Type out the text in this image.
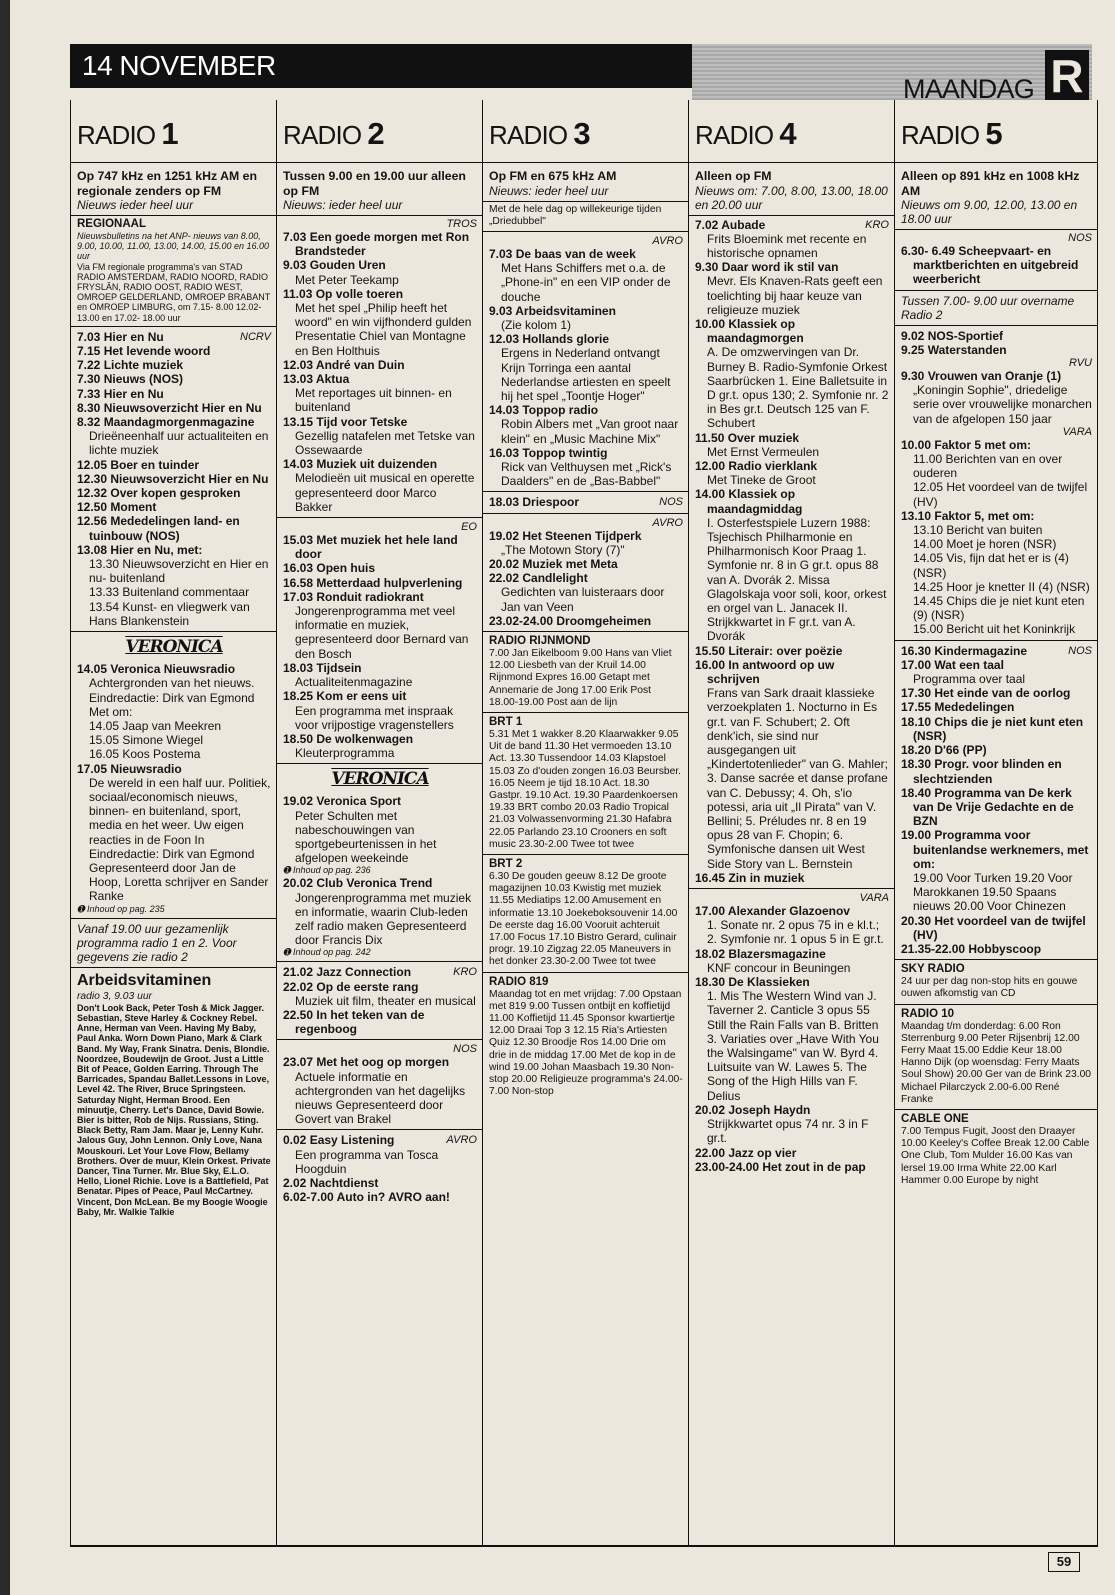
14 NOVEMBER
MAANDAG R
RADIO 1
Op 747 kHz en 1251 kHz AM en regionale zenders op FM
Nieuws ieder heel uur
REGIONAAL
Nieuwsbulletins na het ANP- nieuws van 8.00, 9.00, 10.00, 11.00, 13.00, 14.00, 15.00 en 16.00 uur
Via FM regionale programma's van STAD RADIO AMSTERDAM, RADIO NOORD, RADIO FRYSLÂN, RADIO OOST, RADIO WEST, OMROEP GELDERLAND, OMROEP BRABANT en OMROEP LIMBURG, om 7.15- 8.00 12.02- 13.00 en 17.02- 18.00 uur
NCRV
7.03 Hier en Nu
7.15 Het levende woord
7.22 Lichte muziek
7.30 Nieuws (NOS)
7.33 Hier en Nu
8.30 Nieuwsoverzicht Hier en Nu
8.32 Maandagmorgenmagazine
Drieëneenhalf uur actualiteiten en lichte muziek
12.05 Boer en tuinder
12.30 Nieuwsoverzicht Hier en Nu
12.32 Over kopen gesproken
12.50 Moment
12.56 Mededelingen land- en tuinbouw (NOS)
13.08 Hier en Nu, met:
13.30 Nieuwsoverzicht en Hier en nu- buitenland
13.33 Buitenland commentaar
13.54 Kunst- en vliegwerk van Hans Blankenstein
VERONICA
14.05 Veronica Nieuwsradio
Achtergronden van het nieuws. Eindredactie: Dirk van Egmond
Met om:
14.05 Jaap van Meekren
15.05 Simone Wiegel
16.05 Koos Postema
17.05 Nieuwsradio
De wereld in een half uur. Politiek, sociaal/economisch nieuws, binnen- en buitenland, sport, media en het weer. Uw eigen reacties in de Foon In Eindredactie: Dirk van Egmond
Gepresenteerd door Jan de Hoop, Loretta schrijver en Sander Ranke
➊ Inhoud op pag. 235
Vanaf 19.00 uur gezamenlijk programma radio 1 en 2. Voor gegevens zie radio 2
Arbeidsvitaminen
radio 3, 9.03 uur
Don't Look Back, Peter Tosh & Mick Jagger. Sebastian, Steve Harley & Cockney Rebel. Anne, Herman van Veen. Having My Baby, Paul Anka. Worn Down Piano, Mark & Clark Band. My Way, Frank Sinatra. Denis, Blondie. Noordzee, Boudewijn de Groot. Just a Little Bit of Peace, Golden Earring. Through The Barricades, Spandau Ballet.Lessons in Love, Level 42. The River, Bruce Springsteen. Saturday Night, Herman Brood. Een minuutje, Cherry. Let's Dance, David Bowie. Bier is bitter, Rob de Nijs. Russians, Sting. Black Betty, Ram Jam. Maar je, Lenny Kuhr. Jalous Guy, John Lennon. Only Love, Nana Mouskouri. Let Your Love Flow, Bellamy Brothers. Over de muur, Klein Orkest. Private Dancer, Tina Turner. Mr. Blue Sky, E.L.O. Hello, Lionel Richie. Love is a Battlefield, Pat Benatar. Pipes of Peace, Paul McCartney. Vincent, Don McLean. Be my Boogie Woogie Baby, Mr. Walkie Talkie
RADIO 2
Tussen 9.00 en 19.00 uur alleen op FM
Nieuws: ieder heel uur
TROS
7.03 Een goede morgen met Ron Brandsteder
9.03 Gouden Uren
Met Peter Teekamp
11.03 Op volle toeren
Met het spel „Philip heeft het woord" en win vijfhonderd gulden Presentatie Chiel van Montagne en Ben Holthuis
12.03 André van Duin
13.03 Aktua
Met reportages uit binnen- en buitenland
13.15 Tijd voor Tetske
Gezellig natafelen met Tetske van Ossewaarde
14.03 Muziek uit duizenden
Melodieën uit musical en operette gepresenteerd door Marco Bakker
EO
15.03 Met muziek het hele land door
16.03 Open huis
16.58 Metterdaad hulpverlening
17.03 Ronduit radiokrant
Jongerenprogramma met veel informatie en muziek, gepresenteerd door Bernard van den Bosch
18.03 Tijdsein
Actualiteitenmagazine
18.25 Kom er eens uit
Een programma met inspraak voor vrijpostige vragenstellers
18.50 De wolkenwagen
Kleuterprogramma
VERONICA
19.02 Veronica Sport
Peter Schulten met nabeschouwingen van sportgebeurtenissen in het afgelopen weekeinde
➊ Inhoud op pag. 236
20.02 Club Veronica Trend
Jongerenprogramma met muziek en informatie, waarin Club-leden zelf radio maken Gepresenteerd door Francis Dix
➊ Inhoud op pag. 242
KRO
21.02 Jazz Connection
22.02 Op de eerste rang
Muziek uit film, theater en musical
22.50 In het teken van de regenboog
NOS
23.07 Met het oog op morgen
Actuele informatie en achtergronden van het dagelijks nieuws Gepresenteerd door Govert van Brakel
AVRO
0.02 Easy Listening
Een programma van Tosca Hoogduin
2.02 Nachtdienst
6.02-7.00 Auto in? AVRO aan!
RADIO 3
Op FM en 675 kHz AM
Nieuws: ieder heel uur
Met de hele dag op willekeurige tijden „Driedubbel"
AVRO
7.03 De baas van de week
Met Hans Schiffers met o.a. de „Phone-in" en een VIP onder de douche
9.03 Arbeidsvitaminen
(Zie kolom 1)
12.03 Hollands glorie
Ergens in Nederland ontvangt Krijn Torringa een aantal Nederlandse artiesten en speelt hij het spel „Toontje Hoger"
14.03 Toppop radio
Robin Albers met „Van groot naar klein" en „Music Machine Mix"
16.03 Toppop twintig
Rick van Velthuysen met „Rick's Daalders" en de „Bas-Babbel"
18.03 Driespoor	NOS
AVRO
19.02 Het Steenen Tijdperk
„The Motown Story (7)"
20.02 Muziek met Meta
22.02 Candlelight
Gedichten van luisteraars door Jan van Veen
23.02-24.00 Droomgeheimen
RADIO RIJNMOND
7.00 Jan Eikelboom 9.00 Hans van Vliet 12.00 Liesbeth van der Kruil 14.00 Rijnmond Expres 16.00 Getapt met Annemarie de Jong 17.00 Erik Post 18.00-19.00 Post aan de lijn
BRT 1
5.31 Met 1 wakker 8.20 Klaarwakker 9.05 Uit de band 11.30 Het vermoeden 13.10 Act. 13.30 Tussendoor 14.03 Klapstoel 15.03 Zo d'ouden zongen 16.03 Beursber. 16.05 Neem je tijd 18.10 Act. 18.30 Gastpr. 19.10 Act. 19.30 Paardenkoersen 19.33 BRT combo 20.03 Radio Tropical 21.03 Volwassenvorming 21.30 Hafabra 22.05 Parlando 23.10 Crooners en soft music 23.30-2.00 Twee tot twee
BRT 2
6.30 De gouden geeuw 8.12 De groote magazijnen 10.03 Kwistig met muziek 11.55 Mediatips 12.00 Amusement en informatie 13.10 Joekeboksouvenir 14.00 De eerste dag 16.00 Vooruit achteruit 17.00 Focus 17.10 Bistro Gerard, culinair progr. 19.10 Zigzag 22.05 Maneuvers in het donker 23.30-2.00 Twee tot twee
RADIO 819
Maandag tot en met vrijdag: 7.00 Opstaan met 819 9.00 Tussen ontbijt en koffietijd 11.00 Koffietijd 11.45 Sponsor kwartiertje 12.00 Draai Top 3 12.15 Ria's Artiesten Quiz 12.30 Broodje Ros 14.00 Drie om drie in de middag 17.00 Met de kop in de wind 19.00 Johan Maasbach 19.30 Non-stop 20.00 Religieuze programma's 24.00-7.00 Non-stop
RADIO 4
Alleen op FM
Nieuws om: 7.00, 8.00, 13.00, 18.00 en 20.00 uur
KRO
7.02 Aubade
Frits Bloemink met recente en historische opnamen
9.30 Daar word ik stil van
Mevr. Els Knaven-Rats geeft een toelichting bij haar keuze van religieuze muziek
10.00 Klassiek op maandagmorgen
A. De omzwervingen van Dr. Burney B. Radio-Symfonie Orkest Saarbrücken 1. Eine Balletsuite in D gr.t. opus 130; 2. Symfonie nr. 2 in Bes gr.t. Deutsch 125 van F. Schubert
11.50 Over muziek
Met Ernst Vermeulen
12.00 Radio vierklank
Met Tineke de Groot
14.00 Klassiek op maandagmiddag
I. Osterfestspiele Luzern 1988: Tsjechisch Philharmonie en Philharmonisch Koor Praag 1. Symfonie nr. 8 in G gr.t. opus 88 van A. Dvorák 2. Missa Glagolskaja voor soli, koor, orkest en orgel van L. Janacek II. Strijkkwartet in F gr.t. van A. Dvorák
15.50 Literair: over poëzie
16.00 In antwoord op uw schrijven
Frans van Sark draait klassieke verzoekplaten 1. Nocturno in Es gr.t. van F. Schubert; 2. Oft denk'ich, sie sind nur ausgegangen uit „Kindertotenlieder" van G. Mahler; 3. Danse sacrée et danse profane van C. Debussy; 4. Oh, s'io potessi, aria uit „Il Pirata" van V. Bellini; 5. Préludes nr. 8 en 19 opus 28 van F. Chopin; 6. Symfonische dansen uit West Side Story van L. Bernstein
16.45 Zin in muziek
VARA
17.00 Alexander Glazoenov
1. Sonate nr. 2 opus 75 in e kl.t.; 2. Symfonie nr. 1 opus 5 in E gr.t.
18.02 Blazersmagazine
KNF concour in Beuningen
18.30 De Klassieken
1. Mis The Western Wind van J. Taverner 2. Canticle 3 opus 55 Still the Rain Falls van B. Britten 3. Variaties over „Have With You the Walsingame" van W. Byrd 4. Luitsuite van W. Lawes 5. The Song of the High Hills van F. Delius
20.02 Joseph Haydn
Strijkkwartet opus 74 nr. 3 in F gr.t.
22.00 Jazz op vier
23.00-24.00 Het zout in de pap
RADIO 5
Alleen op 891 kHz en 1008 kHz AM
Nieuws om 9.00, 12.00, 13.00 en 18.00 uur
NOS
6.30- 6.49 Scheepvaart- en marktberichten en uitgebreid weerbericht
Tussen 7.00- 9.00 uur overname Radio 2
9.02 NOS-Sportief
9.25 Waterstanden
RVU
9.30 Vrouwen van Oranje (1)
„Koningin Sophie", driedelige serie over vrouwelijke monarchen van de afgelopen 150 jaar
VARA
10.00 Faktor 5 met om:
11.00 Berichten van en over ouderen
12.05 Het voordeel van de twijfel (HV)
13.10 Faktor 5, met om:
13.10 Bericht van buiten
14.00 Moet je horen (NSR)
14.05 Vis, fijn dat het er is (4) (NSR)
14.25 Hoor je knetter II (4) (NSR)
14.45 Chips die je niet kunt eten (9) (NSR)
15.00 Bericht uit het Koninkrijk
NOS
16.30 Kindermagazine
17.00 Wat een taal
Programma over taal
17.30 Het einde van de oorlog
17.55 Mededelingen
18.10 Chips die je niet kunt eten (NSR)
18.20 D'66 (PP)
18.30 Progr. voor blinden en slechtzienden
18.40 Programma van De kerk van De Vrije Gedachte en de BZN
19.00 Programma voor buitenlandse werknemers, met om:
19.00 Voor Turken 19.20 Voor Marokkanen 19.50 Spaans nieuws 20.00 Voor Chinezen
20.30 Het voordeel van de twijfel (HV)
21.35-22.00 Hobbyscoop
SKY RADIO
24 uur per dag non-stop hits en gouwe ouwen afkomstig van CD
RADIO 10
Maandag t/m donderdag: 6.00 Ron Sterrenburg 9.00 Peter Rijsenbrij 12.00 Ferry Maat 15.00 Eddie Keur 18.00 Hanno Dijk (op woensdag: Ferry Maats Soul Show) 20.00 Ger van de Brink 23.00 Michael Pilarczyck 2.00-6.00 René Franke
CABLE ONE
7.00 Tempus Fugit, Joost den Draayer 10.00 Keeley's Coffee Break 12.00 Cable One Club, Tom Mulder 16.00 Kas van lersel 19.00 Irma White 22.00 Karl Hammer 0.00 Europe by night
59
